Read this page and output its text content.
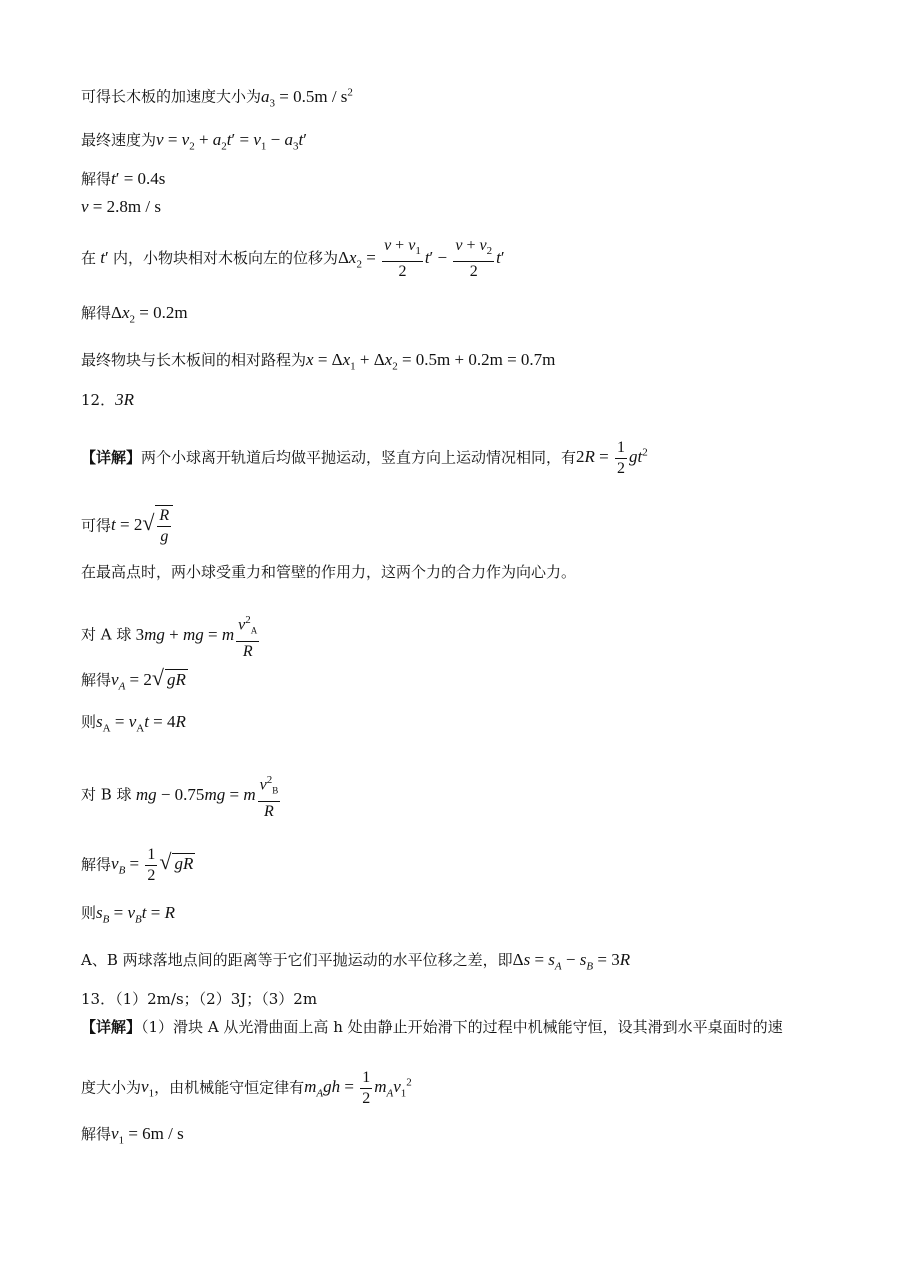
可得长木板的加速度大小为$a_3 = 0.5m / s^2$
最终速度为$v = v_2 + a_2t' = v_1 - a_3t'$
解得t′ = 0.4s
v = 2.8m / s
在 t′ 内，小物块相对木板向左的位移为$\Delta x_2 = \frac{v + v_1}{2} t' - \frac{v + v_2}{2} t'$
解得$\Delta x_2 = 0.2m$
最终物块与长木板间的相对路程为$x = \Delta x_1 + \Delta x_2 = 0.5m + 0.2m = 0.7m$
12．3R
【详解】两个小球离开轨道后均做平抛运动，竖直方向上运动情况相同，有$2R = \frac{1}{2} gt^2$
可得$t = 2√ \frac{R}{g}$
在最高点时，两小球受重力和管壁的作用力，这两个力的合力作为向心力。
对 A 球 3mg + mg = m $\frac{v^2_A}{R}$
解得$v_A = 2√$ gR
则$s_A = v_At = 4R$
对 B 球 mg − 0.75mg = m $\frac{v^2_B}{R}$
解得$v_B = \frac{1}{2}$ √ gR
则$s_B = v_Bt = R$
A、B 两球落地点间的距离等于它们平抛运动的水平位移之差，即$\Delta s = s_A - s_B = 3R$
13．（1）2m/s；（2）3J；（3）2m
【详解】（1）滑块 A 从光滑曲面上高 h 处由静止开始滑下的过程中机械能守恒，设其滑到水平桌面时的速
度大小为$v_1$，由机械能守恒定律有$m_Agh = \frac{1}{2} m_Av_1^2$
解得$v_1 = 6m / s$
